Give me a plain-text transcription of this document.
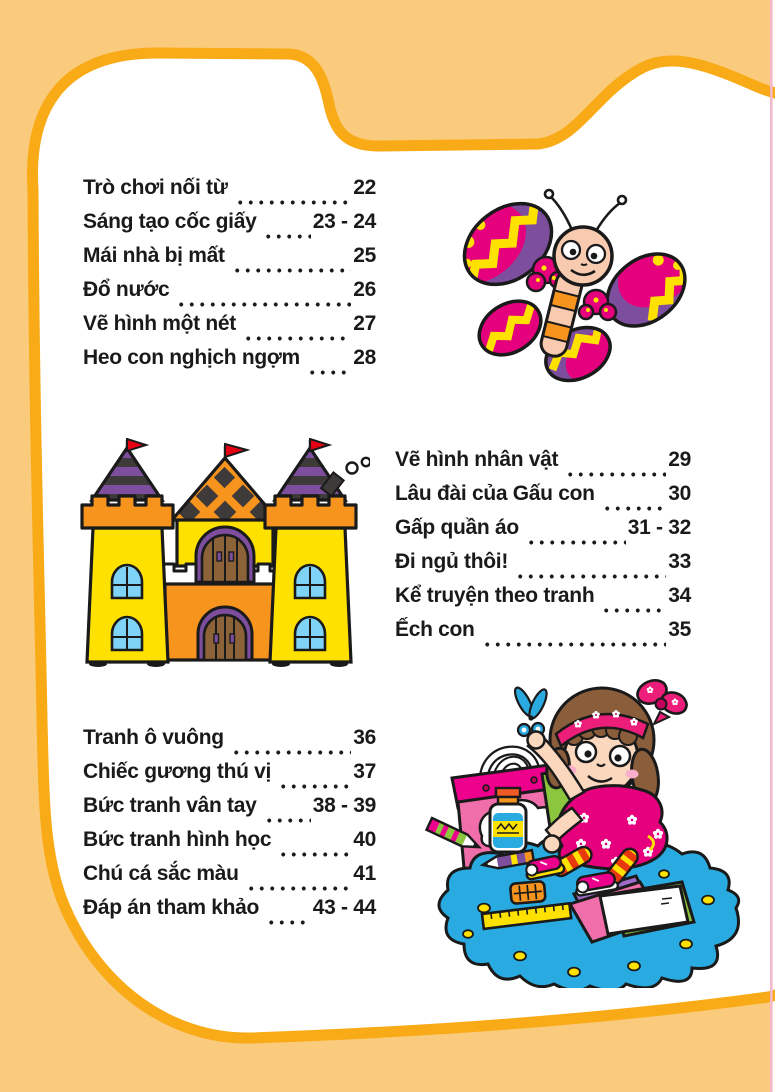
Trò chơi nối từ	22
Sáng tạo cốc giấy	23 - 24
Mái nhà bị mất	25
Đổ nước	26
Vẽ hình một nét	27
Heo con nghịch ngợm	28
Vẽ hình nhân vật	29
Lâu đài của Gấu con	30
Gấp quần áo	31 - 32
Đi ngủ thôi!	33
Kể truyện theo tranh	34
Ếch con	35
Tranh ô vuông	36
Chiếc gương thú vị	37
Bức tranh vân tay	38 - 39
Bức tranh hình học	40
Chú cá sắc màu	41
Đáp án tham khảo	43 - 44
